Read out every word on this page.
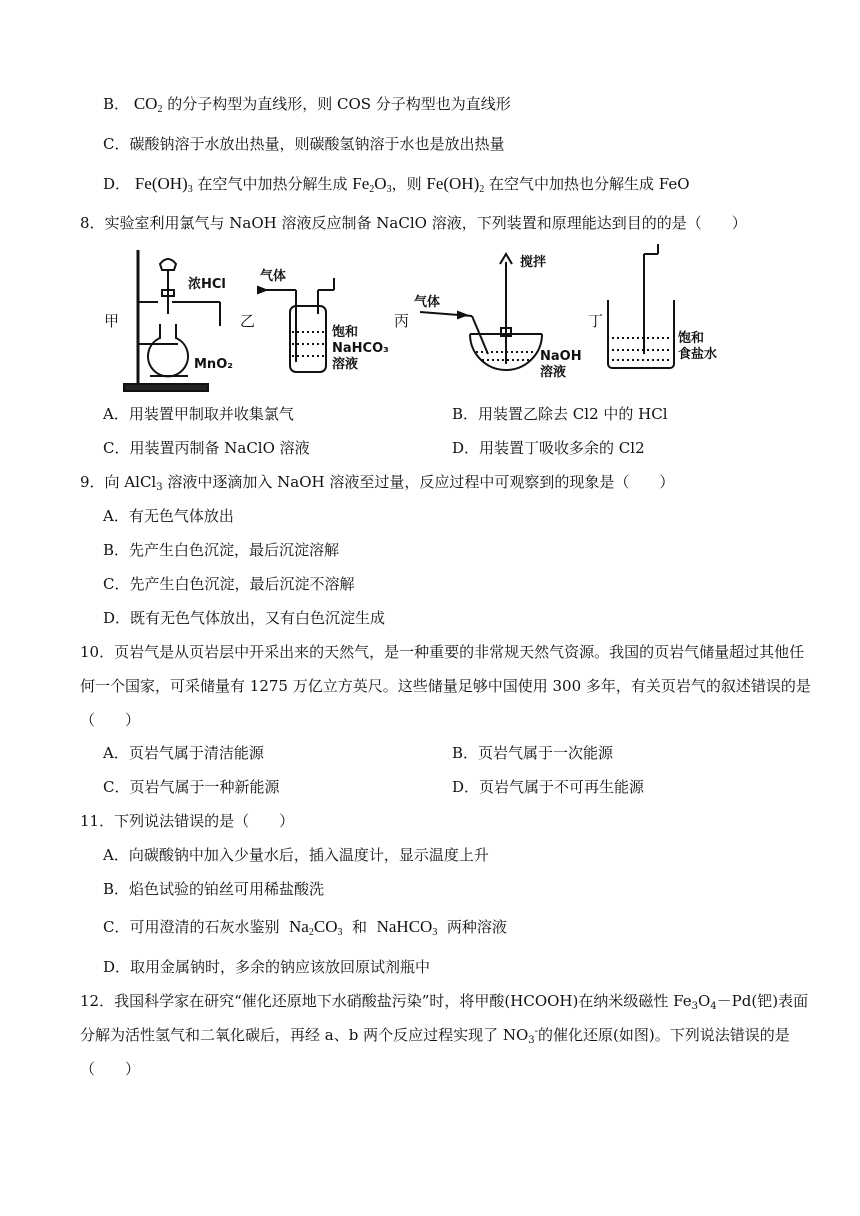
B． $CO_2$ 的分子构型为直线形，则 COS 分子构型也为直线形
C．碳酸钠溶于水放出热量，则碳酸氢钠溶于水也是放出热量
D． $Fe(OH)_3$ 在空气中加热分解生成 $Fe_2O_3$，则 $Fe(OH)_2$ 在空气中加热也分解生成 FeO
8．实验室利用氯气与 NaOH 溶液反应制备 NaClO 溶液，下列装置和原理能达到目的的是（　　）
甲	乙	丙	丁
浓HCl
MnO₂
气体
饱和
NaHCO₃
溶液
气体
搅拌
NaOH
溶液
饱和
食盐水
A．用装置甲制取并收集氯气	B．用装置乙除去 Cl2 中的 HCl
C．用装置丙制备 NaClO 溶液	D．用装置丁吸收多余的 Cl2
9．向 AlCl$_3$ 溶液中逐滴加入 NaOH 溶液至过量，反应过程中可观察到的现象是（　　）
A．有无色气体放出
B．先产生白色沉淀，最后沉淀溶解
C．先产生白色沉淀，最后沉淀不溶解
D．既有无色气体放出，又有白色沉淀生成
10．页岩气是从页岩层中开采出来的天然气，是一种重要的非常规天然气资源。我国的页岩气储量超过其他任何一个国家，可采储量有 1275 万亿立方英尺。这些储量足够中国使用 300 多年，有关页岩气的叙述错误的是（　　）
A．页岩气属于清洁能源	B．页岩气属于一次能源
C．页岩气属于一种新能源	D．页岩气属于不可再生能源
11．下列说法错误的是（　　）
A．向碳酸钠中加入少量水后，插入温度计，显示温度上升
B．焰色试验的铂丝可用稀盐酸洗
C．可用澄清的石灰水鉴别 $Na_2CO_3$ 和 NaHCO$_3$ 两种溶液
D．取用金属钠时，多余的钠应该放回原试剂瓶中
12．我国科学家在研究“催化还原地下水硝酸盐污染”时，将甲酸(HCOOH)在纳米级磁性 $Fe_3O_4-Pd$(钯)表面分解为活性氢气和二氧化碳后，再经 a、b 两个反应过程实现了 $NO_3^-$的催化还原(如图)。下列说法错误的是（　　）
